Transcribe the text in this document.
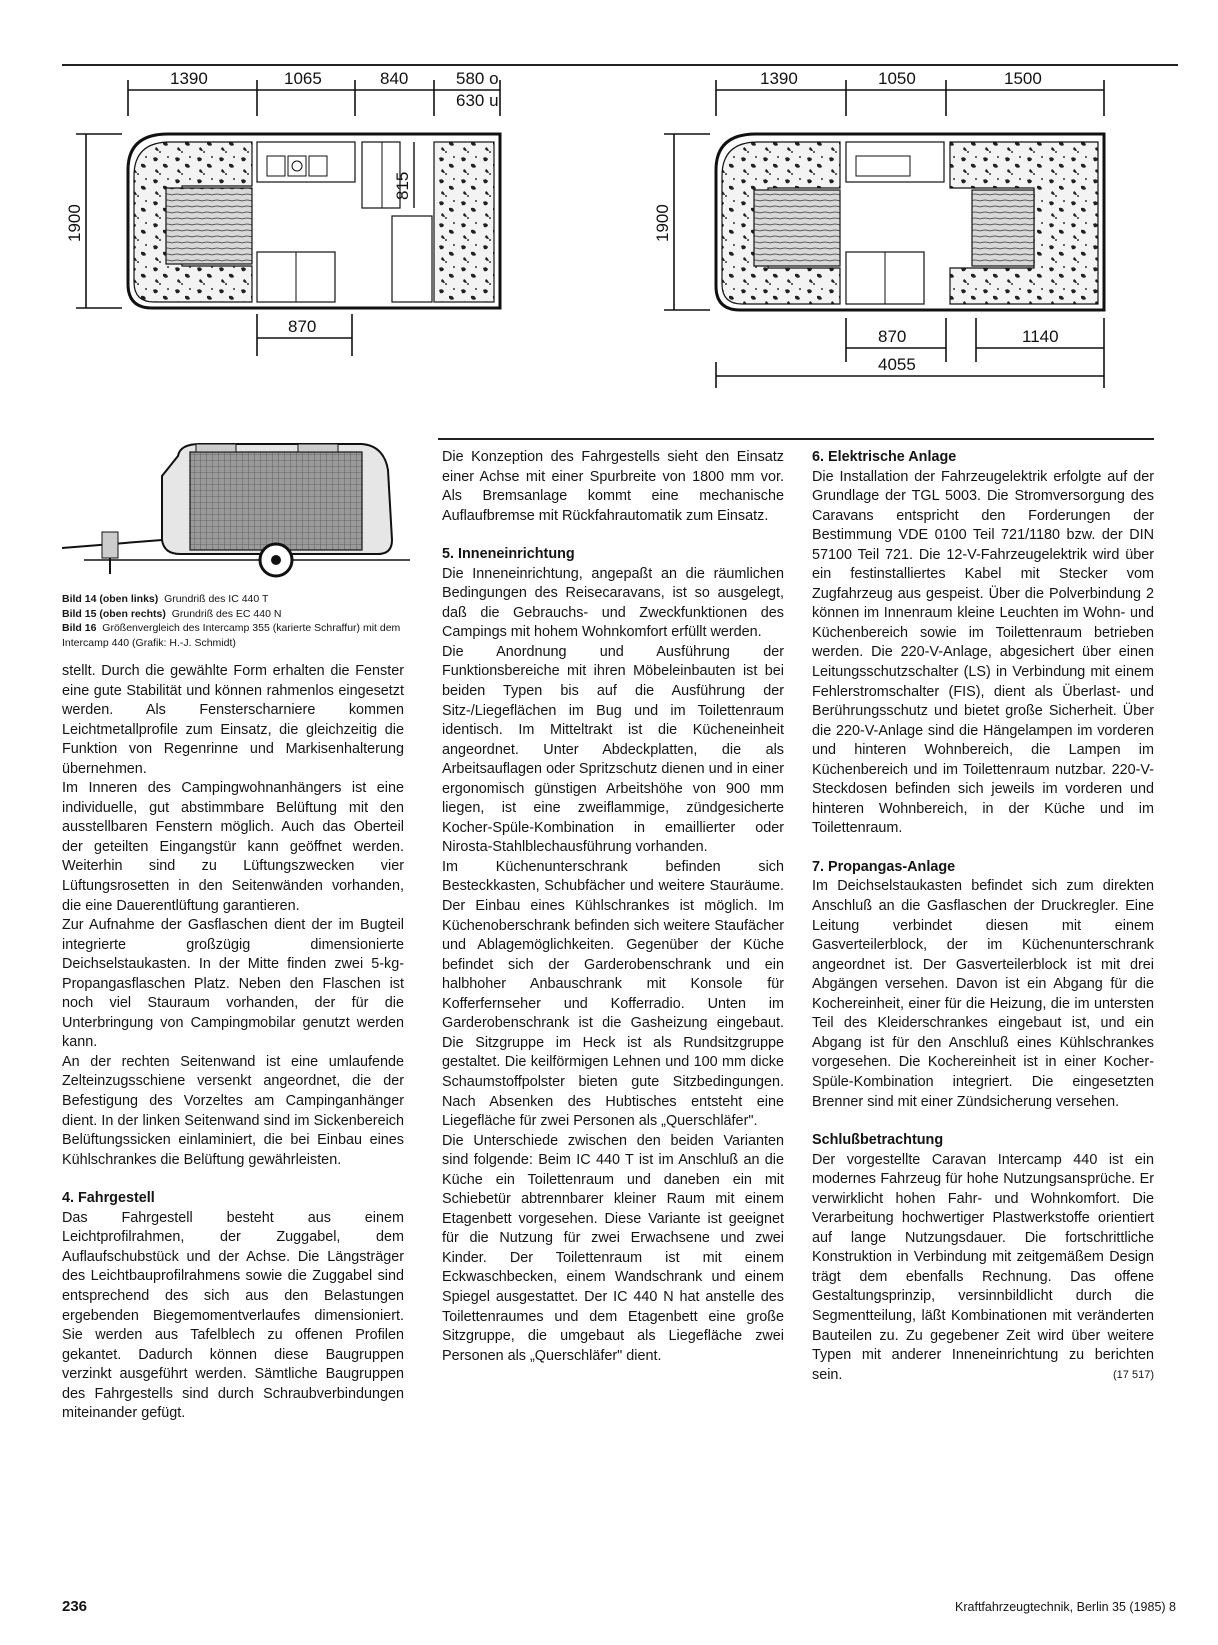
1390	1065	840	580 o
630 u
1900
815
870
1390	1050	1500
1900
870	1140
4055
Bild 14 (oben links) Grundriß des IC 440 T
Bild 15 (oben rechts) Grundriß des EC 440 N
Bild 16 Größenvergleich des Intercamp 355 (karierte Schraffur) mit dem Intercamp 440 (Grafik: H.-J. Schmidt)

stellt. Durch die gewählte Form erhalten die Fenster eine gute Stabilität und können rahmenlos eingesetzt werden. Als Fensterscharniere kommen Leichtmetallprofile zum Einsatz, die gleichzeitig die Funktion von Regenrinne und Markisenhalterung übernehmen.

Im Inneren des Campingwohnanhängers ist eine individuelle, gut abstimmbare Belüftung mit den ausstellbaren Fenstern möglich. Auch das Oberteil der geteilten Eingangstür kann geöffnet werden. Weiterhin sind zu Lüftungszwecken vier Lüftungsrosetten in den Seitenwänden vorhanden, die eine Dauerentlüftung garantieren.

Zur Aufnahme der Gasflaschen dient der im Bugteil integrierte großzügig dimensionierte Deichselstaukasten. In der Mitte finden zwei 5-kg-Propangasflaschen Platz. Neben den Flaschen ist noch viel Stauraum vorhanden, der für die Unterbringung von Campingmobilar genutzt werden kann.

An der rechten Seitenwand ist eine umlaufende Zelteinzugsschiene versenkt angeordnet, die der Befestigung des Vorzeltes am Campinganhänger dient. In der linken Seitenwand sind im Sickenbereich Belüftungssicken einlaminiert, die bei Einbau eines Kühlschrankes die Belüftung gewährleisten.

4. Fahrgestell

Das Fahrgestell besteht aus einem Leichtprofilrahmen, der Zuggabel, dem Auflaufschubstück und der Achse. Die Längsträger des Leichtbauprofilrahmens sowie die Zuggabel sind entsprechend des sich aus den Belastungen ergebenden Biegemomentverlaufes dimensioniert. Sie werden aus Tafelblech zu offenen Profilen gekantet. Dadurch können diese Baugruppen verzinkt ausgeführt werden. Sämtliche Baugruppen des Fahrgestells sind durch Schraubverbindungen miteinander gefügt.

Die Konzeption des Fahrgestells sieht den Einsatz einer Achse mit einer Spurbreite von 1800 mm vor. Als Bremsanlage kommt eine mechanische Auflaufbremse mit Rückfahrautomatik zum Einsatz.

5. Inneneinrichtung

Die Inneneinrichtung, angepaßt an die räumlichen Bedingungen des Reisecaravans, ist so ausgelegt, daß die Gebrauchs- und Zweckfunktionen des Campings mit hohem Wohnkomfort erfüllt werden.

Die Anordnung und Ausführung der Funktionsbereiche mit ihren Möbeleinbauten ist bei beiden Typen bis auf die Ausführung der Sitz-/Liegeflächen im Bug und im Toilettenraum identisch. Im Mitteltrakt ist die Kücheneinheit angeordnet. Unter Abdeckplatten, die als Arbeitsauflagen oder Spritzschutz dienen und in einer ergonomisch günstigen Arbeitshöhe von 900 mm liegen, ist eine zweiflammige, zündgesicherte Kocher-Spüle-Kombination in emaillierter oder Nirosta-Stahlblechausführung vorhanden.

Im Küchenunterschrank befinden sich Besteckkasten, Schubfächer und weitere Stauräume. Der Einbau eines Kühlschrankes ist möglich. Im Küchenoberschrank befinden sich weitere Staufächer und Ablagemöglichkeiten. Gegenüber der Küche befindet sich der Garderobenschrank und ein halbhoher Anbauschrank mit Konsole für Kofferfernseher und Kofferradio. Unten im Garderobenschrank ist die Gasheizung eingebaut. Die Sitzgruppe im Heck ist als Rundsitzgruppe gestaltet. Die keilförmigen Lehnen und 100 mm dicke Schaumstoffpolster bieten gute Sitzbedingungen. Nach Absenken des Hubtisches entsteht eine Liegefläche für zwei Personen als „Querschläfer".

Die Unterschiede zwischen den beiden Varianten sind folgende: Beim IC 440 T ist im Anschluß an die Küche ein Toilettenraum und daneben ein mit Schiebetür abtrennbarer kleiner Raum mit einem Etagenbett vorgesehen. Diese Variante ist geeignet für die Nutzung für zwei Erwachsene und zwei Kinder. Der Toilettenraum ist mit einem Eckwaschbecken, einem Wandschrank und einem Spiegel ausgestattet. Der IC 440 N hat anstelle des Toilettenraumes und dem Etagenbett eine große Sitzgruppe, die umgebaut als Liegefläche zwei Personen als „Querschläfer" dient.

6. Elektrische Anlage

Die Installation der Fahrzeugelektrik erfolgte auf der Grundlage der TGL 5003. Die Stromversorgung des Caravans entspricht den Forderungen der Bestimmung VDE 0100 Teil 721/1180 bzw. der DIN 57100 Teil 721. Die 12-V-Fahrzeugelektrik wird über ein festinstalliertes Kabel mit Stecker vom Zugfahrzeug aus gespeist. Über die Polverbindung 2 können im Innenraum kleine Leuchten im Wohn- und Küchenbereich sowie im Toilettenraum betrieben werden. Die 220-V-Anlage, abgesichert über einen Leitungsschutzschalter (LS) in Verbindung mit einem Fehlerstromschalter (FIS), dient als Überlast- und Berührungsschutz und bietet große Sicherheit. Über die 220-V-Anlage sind die Hängelampen im vorderen und hinteren Wohnbereich, die Lampen im Küchenbereich und im Toilettenraum nutzbar. 220-V-Steckdosen befinden sich jeweils im vorderen und hinteren Wohnbereich, in der Küche und im Toilettenraum.

7. Propangas-Anlage

Im Deichselstaukasten befindet sich zum direkten Anschluß an die Gasflaschen der Druckregler. Eine Leitung verbindet diesen mit einem Gasverteilerblock, der im Küchenunterschrank angeordnet ist. Der Gasverteilerblock ist mit drei Abgängen versehen. Davon ist ein Abgang für die Kochereinheit, einer für die Heizung, die im untersten Teil des Kleiderschrankes eingebaut ist, und ein Abgang ist für den Anschluß eines Kühlschrankes vorgesehen. Die Kochereinheit ist in einer Kocher-Spüle-Kombination integriert. Die eingesetzten Brenner sind mit einer Zündsicherung versehen.

Schlußbetrachtung

Der vorgestellte Caravan Intercamp 440 ist ein modernes Fahrzeug für hohe Nutzungsansprüche. Er verwirklicht hohen Fahr- und Wohnkomfort. Die Verarbeitung hochwertiger Plastwerkstoffe orientiert auf lange Nutzungsdauer. Die fortschrittliche Konstruktion in Verbindung mit zeitgemäßem Design trägt dem ebenfalls Rechnung. Das offene Gestaltungsprinzip, versinnbildlicht durch die Segmentteilung, läßt Kombinationen mit veränderten Bauteilen zu. Zu gegebener Zeit wird über weitere Typen mit anderer Inneneinrichtung zu berichten sein.	(17 517)

236	Kraftfahrzeugtechnik, Berlin 35 (1985) 8
